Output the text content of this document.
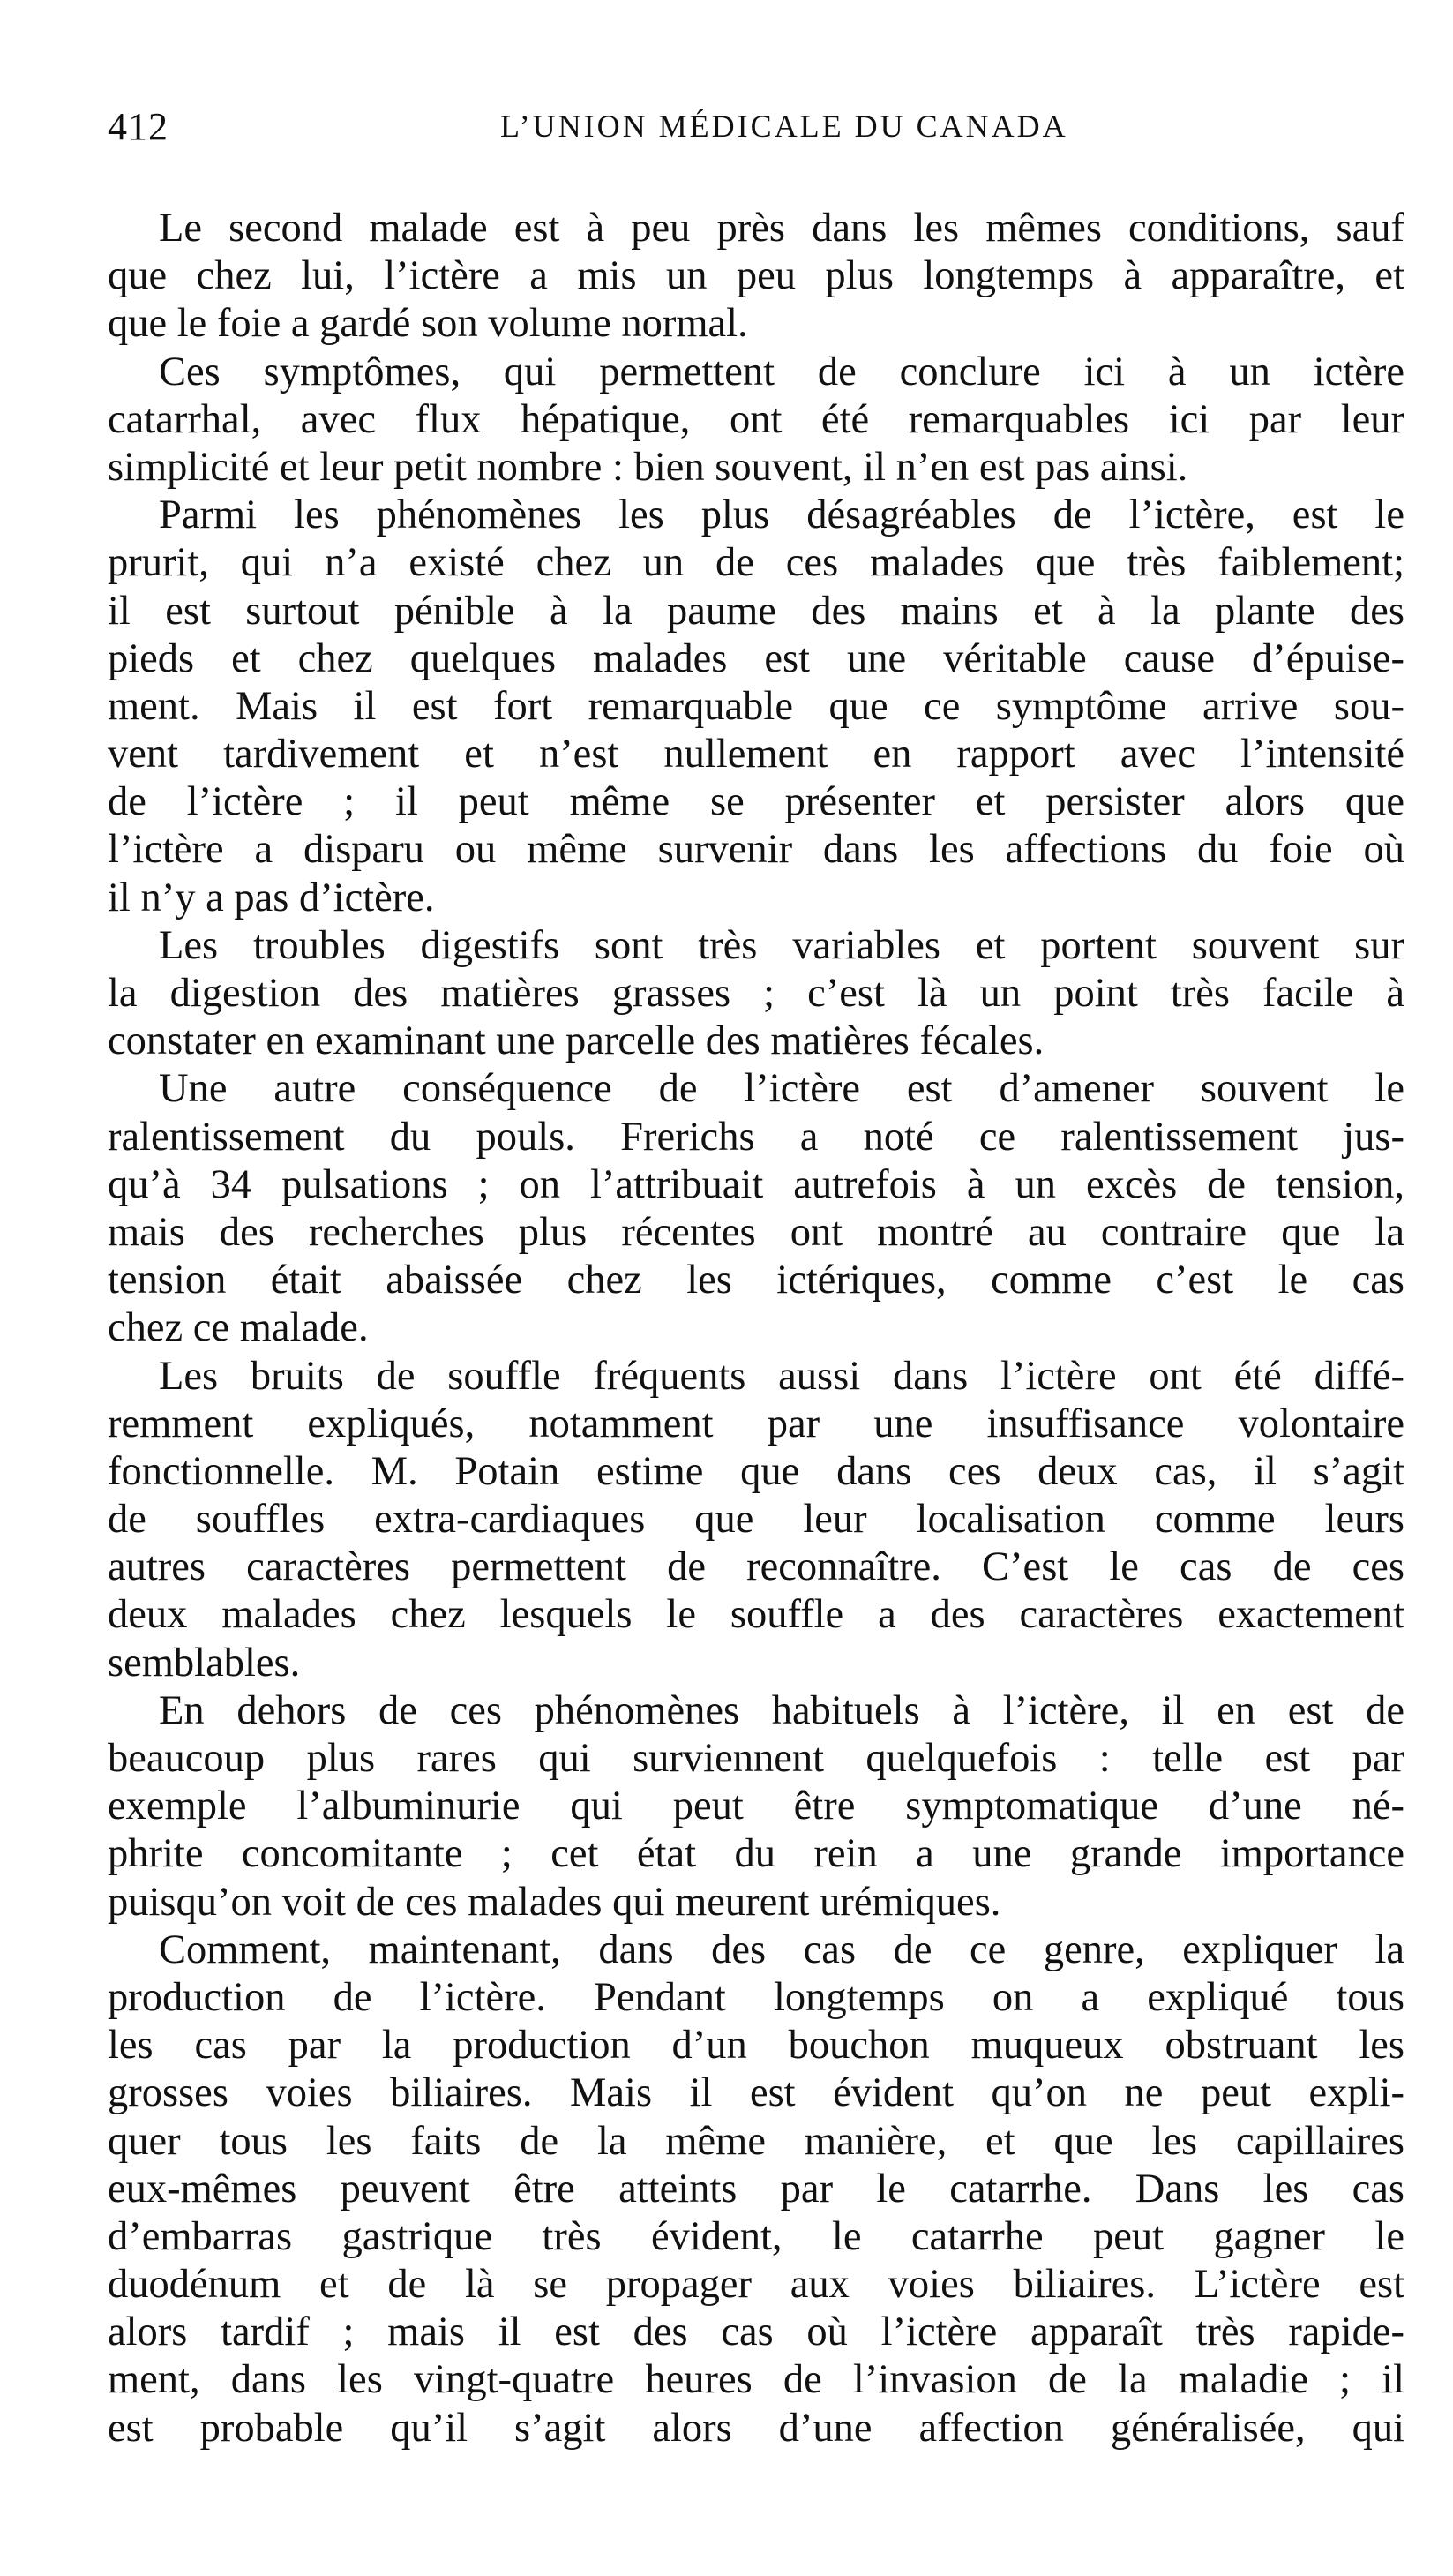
412	L’UNION MÉDICALE DU CANADA
Le second malade est à peu près dans les mêmes conditions, sauf
que chez lui, l’ictère a mis un peu plus longtemps à apparaître, et
que le foie a gardé son volume normal.
Ces symptômes, qui permettent de conclure ici à un ictère
catarrhal, avec flux hépatique, ont été remarquables ici par leur
simplicité et leur petit nombre : bien souvent, il n’en est pas ainsi.
Parmi les phénomènes les plus désagréables de l’ictère, est le
prurit, qui n’a existé chez un de ces malades que très faiblement;
il est surtout pénible à la paume des mains et à la plante des
pieds et chez quelques malades est une véritable cause d’épuise-
ment. Mais il est fort remarquable que ce symptôme arrive sou-
vent tardivement et n’est nullement en rapport avec l’intensité
de l’ictère ; il peut même se présenter et persister alors que
l’ictère a disparu ou même survenir dans les affections du foie où
il n’y a pas d’ictère.
Les troubles digestifs sont très variables et portent souvent sur
la digestion des matières grasses ; c’est là un point très facile à
constater en examinant une parcelle des matières fécales.
Une autre conséquence de l’ictère est d’amener souvent le
ralentissement du pouls. Frerichs a noté ce ralentissement jus-
qu’à 34 pulsations ; on l’attribuait autrefois à un excès de tension,
mais des recherches plus récentes ont montré au contraire que la
tension était abaissée chez les ictériques, comme c’est le cas
chez ce malade.
Les bruits de souffle fréquents aussi dans l’ictère ont été diffé-
remment expliqués, notamment par une insuffisance volontaire
fonctionnelle. M. Potain estime que dans ces deux cas, il s’agit
de souffles extra-cardiaques que leur localisation comme leurs
autres caractères permettent de reconnaître. C’est le cas de ces
deux malades chez lesquels le souffle a des caractères exactement
semblables.
En dehors de ces phénomènes habituels à l’ictère, il en est de
beaucoup plus rares qui surviennent quelquefois : telle est par
exemple l’albuminurie qui peut être symptomatique d’une né-
phrite concomitante ; cet état du rein a une grande importance
puisqu’on voit de ces malades qui meurent urémiques.
Comment, maintenant, dans des cas de ce genre, expliquer la
production de l’ictère. Pendant longtemps on a expliqué tous
les cas par la production d’un bouchon muqueux obstruant les
grosses voies biliaires. Mais il est évident qu’on ne peut expli-
quer tous les faits de la même manière, et que les capillaires
eux-mêmes peuvent être atteints par le catarrhe. Dans les cas
d’embarras gastrique très évident, le catarrhe peut gagner le
duodénum et de là se propager aux voies biliaires. L’ictère est
alors tardif ; mais il est des cas où l’ictère apparaît très rapide-
ment, dans les vingt-quatre heures de l’invasion de la maladie ; il
est probable qu’il s’agit alors d’une affection généralisée, qui
